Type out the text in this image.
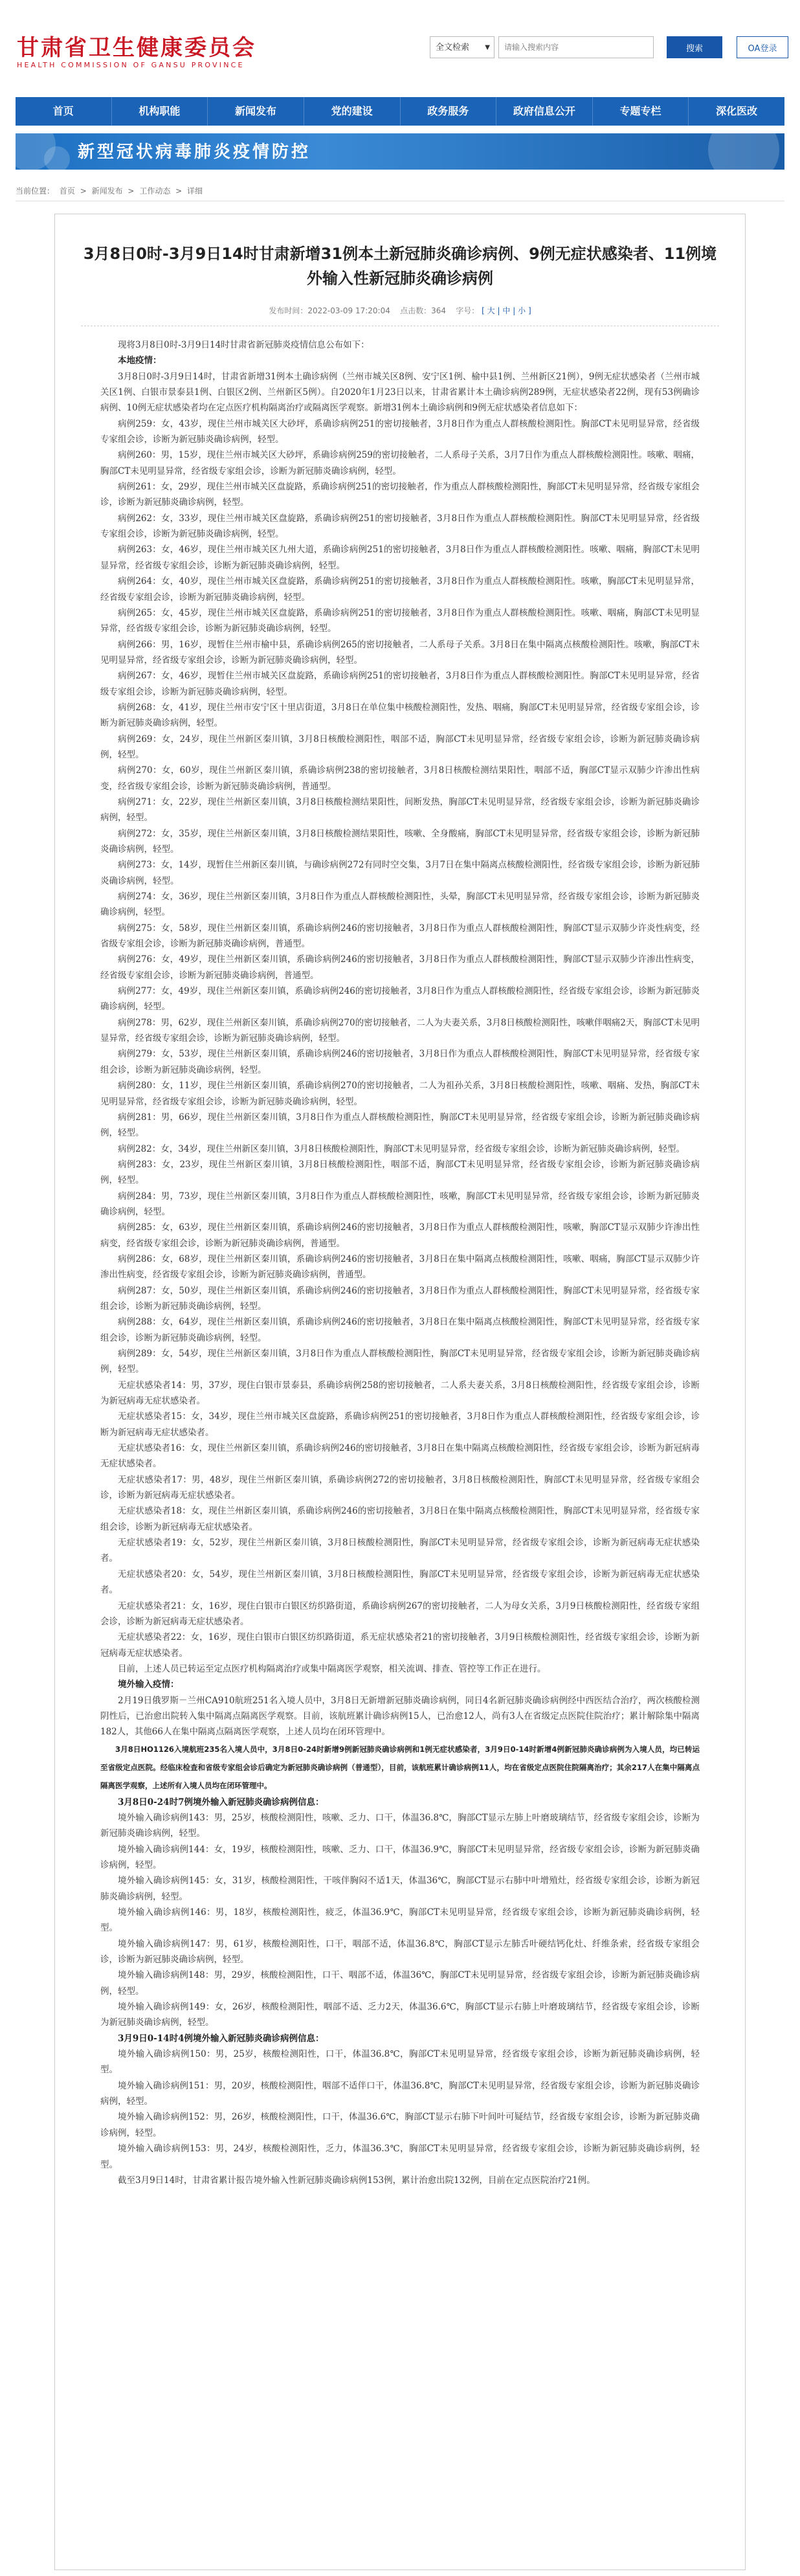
甘肃省卫生健康委员会
HEALTH COMMISSION OF GANSU PROVINCE
全文检索 ▼
请输入搜索内容	搜索	OA登录
首页	机构职能	新闻发布	党的建设	政务服务	政府信息公开	专题专栏	深化医改
新型冠状病毒肺炎疫情防控
当前位置： 首页 > 新闻发布 > 工作动态 > 详细
3月8日0时-3月9日14时甘肃新增31例本土新冠肺炎确诊病例、9例无症状感染者、11例境外输入性新冠肺炎确诊病例
发布时间：2022-03-09 17:20:04 点击数：364 字号： [ 大 | 中 | 小 ]

现将3月8日0时-3月9日14时甘肃省新冠肺炎疫情信息公布如下：

本地疫情：

3月8日0时-3月9日14时，甘肃省新增31例本土确诊病例（兰州市城关区8例、安宁区1例、榆中县1例、兰州新区21例），9例无症状感染者（兰州市城关区1例、白银市景泰县1例、白银区2例、兰州新区5例）。自2020年1月23日以来，甘肃省累计本土确诊病例289例，无症状感染者22例，现有53例确诊病例、10例无症状感染者均在定点医疗机构隔离治疗或隔离医学观察。新增31例本土确诊病例和9例无症状感染者信息如下：

病例259：女，43岁，现住兰州市城关区大砂坪，系确诊病例251的密切接触者，3月8日作为重点人群核酸检测阳性。胸部CT未见明显异常，经省级专家组会诊，诊断为新冠肺炎确诊病例，轻型。

病例260：男，15岁，现住兰州市城关区大砂坪，系确诊病例259的密切接触者，二人系母子关系，3月7日作为重点人群核酸检测阳性。咳嗽、咽痛，胸部CT未见明显异常，经省级专家组会诊，诊断为新冠肺炎确诊病例，轻型。

病例261：女，29岁，现住兰州市城关区盘旋路，系确诊病例251的密切接触者，作为重点人群核酸检测阳性，胸部CT未见明显异常，经省级专家组会诊，诊断为新冠肺炎确诊病例，轻型。

病例262：女，33岁，现住兰州市城关区盘旋路，系确诊病例251的密切接触者，3月8日作为重点人群核酸检测阳性。胸部CT未见明显异常，经省级专家组会诊，诊断为新冠肺炎确诊病例，轻型。

病例263：女，46岁，现住兰州市城关区九州大道，系确诊病例251的密切接触者，3月8日作为重点人群核酸检测阳性。咳嗽、咽痛，胸部CT未见明显异常，经省级专家组会诊，诊断为新冠肺炎确诊病例，轻型。

病例264：女，40岁，现住兰州市城关区盘旋路，系确诊病例251的密切接触者，3月8日作为重点人群核酸检测阳性。咳嗽，胸部CT未见明显异常，经省级专家组会诊，诊断为新冠肺炎确诊病例，轻型。

病例265：女，45岁，现住兰州市城关区盘旋路，系确诊病例251的密切接触者，3月8日作为重点人群核酸检测阳性。咳嗽、咽痛，胸部CT未见明显异常，经省级专家组会诊，诊断为新冠肺炎确诊病例，轻型。

病例266：男，16岁，现暂住兰州市榆中县，系确诊病例265的密切接触者，二人系母子关系。3月8日在集中隔离点核酸检测阳性。咳嗽，胸部CT未见明显异常，经省级专家组会诊，诊断为新冠肺炎确诊病例，轻型。

病例267：女，46岁，现暂住兰州市城关区盘旋路，系确诊病例251的密切接触者，3月8日作为重点人群核酸检测阳性。胸部CT未见明显异常，经省级专家组会诊，诊断为新冠肺炎确诊病例，轻型。

病例268：女，41岁，现住兰州市安宁区十里店街道，3月8日在单位集中核酸检测阳性，发热、咽痛，胸部CT未见明显异常，经省级专家组会诊，诊断为新冠肺炎确诊病例，轻型。

病例269：女，24岁，现住兰州新区秦川镇，3月8日核酸检测阳性，咽部不适，胸部CT未见明显异常，经省级专家组会诊，诊断为新冠肺炎确诊病例，轻型。

病例270：女，60岁，现住兰州新区秦川镇，系确诊病例238的密切接触者，3月8日核酸检测结果阳性，咽部不适，胸部CT显示双肺少许渗出性病变，经省级专家组会诊，诊断为新冠肺炎确诊病例，普通型。

病例271：女，22岁，现住兰州新区秦川镇，3月8日核酸检测结果阳性，间断发热，胸部CT未见明显异常，经省级专家组会诊，诊断为新冠肺炎确诊病例，轻型。

病例272：女，35岁，现住兰州新区秦川镇，3月8日核酸检测结果阳性，咳嗽、全身酸痛，胸部CT未见明显异常，经省级专家组会诊，诊断为新冠肺炎确诊病例，轻型。

病例273：女，14岁，现暂住兰州新区秦川镇，与确诊病例272有同时空交集，3月7日在集中隔离点核酸检测阳性，经省级专家组会诊，诊断为新冠肺炎确诊病例，轻型。

病例274：女，36岁，现住兰州新区秦川镇，3月8日作为重点人群核酸检测阳性，头晕，胸部CT未见明显异常，经省级专家组会诊，诊断为新冠肺炎确诊病例，轻型。

病例275：女，58岁，现住兰州新区秦川镇，系确诊病例246的密切接触者，3月8日作为重点人群核酸检测阳性，胸部CT显示双肺少许炎性病变，经省级专家组会诊，诊断为新冠肺炎确诊病例，普通型。

病例276：女，49岁，现住兰州新区秦川镇，系确诊病例246的密切接触者，3月8日作为重点人群核酸检测阳性，胸部CT显示双肺少许渗出性病变，经省级专家组会诊，诊断为新冠肺炎确诊病例，普通型。

病例277：女，49岁，现住兰州新区秦川镇，系确诊病例246的密切接触者，3月8日作为重点人群核酸检测阳性，经省级专家组会诊，诊断为新冠肺炎确诊病例，轻型。

病例278：男，62岁，现住兰州新区秦川镇，系确诊病例270的密切接触者，二人为夫妻关系，3月8日核酸检测阳性，咳嗽伴咽痛2天，胸部CT未见明显异常，经省级专家组会诊，诊断为新冠肺炎确诊病例，轻型。

病例279：女，53岁，现住兰州新区秦川镇，系确诊病例246的密切接触者，3月8日作为重点人群核酸检测阳性，胸部CT未见明显异常，经省级专家组会诊，诊断为新冠肺炎确诊病例，轻型。

病例280：女，11岁，现住兰州新区秦川镇，系确诊病例270的密切接触者，二人为祖孙关系，3月8日核酸检测阳性，咳嗽、咽痛、发热，胸部CT未见明显异常，经省级专家组会诊，诊断为新冠肺炎确诊病例，轻型。

病例281：男，66岁，现住兰州新区秦川镇，3月8日作为重点人群核酸检测阳性，胸部CT未见明显异常，经省级专家组会诊，诊断为新冠肺炎确诊病例，轻型。

病例282：女，34岁，现住兰州新区秦川镇，3月8日核酸检测阳性，胸部CT未见明显异常，经省级专家组会诊，诊断为新冠肺炎确诊病例，轻型。

病例283：女，23岁，现住兰州新区秦川镇，3月8日核酸检测阳性，咽部不适，胸部CT未见明显异常，经省级专家组会诊，诊断为新冠肺炎确诊病例，轻型。

病例284：男，73岁，现住兰州新区秦川镇，3月8日作为重点人群核酸检测阳性，咳嗽，胸部CT未见明显异常，经省级专家组会诊，诊断为新冠肺炎确诊病例，轻型。

病例285：女，63岁，现住兰州新区秦川镇，系确诊病例246的密切接触者，3月8日作为重点人群核酸检测阳性，咳嗽，胸部CT显示双肺少许渗出性病变，经省级专家组会诊，诊断为新冠肺炎确诊病例，普通型。

病例286：女，68岁，现住兰州新区秦川镇，系确诊病例246的密切接触者，3月8日在集中隔离点核酸检测阳性，咳嗽、咽痛，胸部CT显示双肺少许渗出性病变，经省级专家组会诊，诊断为新冠肺炎确诊病例，普通型。

病例287：女，50岁，现住兰州新区秦川镇，系确诊病例246的密切接触者，3月8日作为重点人群核酸检测阳性，胸部CT未见明显异常，经省级专家组会诊，诊断为新冠肺炎确诊病例，轻型。

病例288：女，64岁，现住兰州新区秦川镇，系确诊病例246的密切接触者，3月8日在集中隔离点核酸检测阳性，胸部CT未见明显异常，经省级专家组会诊，诊断为新冠肺炎确诊病例，轻型。

病例289：女，54岁，现住兰州新区秦川镇，3月8日作为重点人群核酸检测阳性，胸部CT未见明显异常，经省级专家组会诊，诊断为新冠肺炎确诊病例，轻型。

无症状感染者14：男，37岁，现住白银市景泰县，系确诊病例258的密切接触者，二人系夫妻关系，3月8日核酸检测阳性，经省级专家组会诊，诊断为新冠病毒无症状感染者。

无症状感染者15：女，34岁，现住兰州市城关区盘旋路，系确诊病例251的密切接触者，3月8日作为重点人群核酸检测阳性，经省级专家组会诊，诊断为新冠病毒无症状感染者。

无症状感染者16：女，现住兰州新区秦川镇，系确诊病例246的密切接触者，3月8日在集中隔离点核酸检测阳性，经省级专家组会诊，诊断为新冠病毒无症状感染者。

无症状感染者17：男，48岁，现住兰州新区秦川镇，系确诊病例272的密切接触者，3月8日核酸检测阳性，胸部CT未见明显异常，经省级专家组会诊，诊断为新冠病毒无症状感染者。

无症状感染者18：女，现住兰州新区秦川镇，系确诊病例246的密切接触者，3月8日在集中隔离点核酸检测阳性，胸部CT未见明显异常，经省级专家组会诊，诊断为新冠病毒无症状感染者。

无症状感染者19：女，52岁，现住兰州新区秦川镇，3月8日核酸检测阳性，胸部CT未见明显异常，经省级专家组会诊，诊断为新冠病毒无症状感染者。

无症状感染者20：女，54岁，现住兰州新区秦川镇，3月8日核酸检测阳性，胸部CT未见明显异常，经省级专家组会诊，诊断为新冠病毒无症状感染者。

无症状感染者21：女，16岁，现住白银市白银区纺织路街道，系确诊病例267的密切接触者，二人为母女关系，3月9日核酸检测阳性，经省级专家组会诊，诊断为新冠病毒无症状感染者。

无症状感染者22：女，16岁，现住白银市白银区纺织路街道，系无症状感染者21的密切接触者，3月9日核酸检测阳性，经省级专家组会诊，诊断为新冠病毒无症状感染者。

目前，上述人员已转运至定点医疗机构隔离治疗或集中隔离医学观察，相关流调、排查、管控等工作正在进行。

境外输入疫情：

2月19日俄罗斯－兰州CA910航班251名入境人员中，3月8日无新增新冠肺炎确诊病例，同日4名新冠肺炎确诊病例经中西医结合治疗，两次核酸检测阴性后，已治愈出院转入集中隔离点隔离医学观察。目前，该航班累计确诊病例15人，已治愈12人，尚有3人在省级定点医院住院治疗；累计解除集中隔离182人，其他66人在集中隔离点隔离医学观察，上述人员均在闭环管理中。

3月8日HO1126入境航班235名入境人员中，3月8日0-24时新增9例新冠肺炎确诊病例和1例无症状感染者，3月9日0-14时新增4例新冠肺炎确诊病例为入境人员，均已转运至省级定点医院。经临床检查和省级专家组会诊后确定为新冠肺炎确诊病例（普通型），目前，该航班累计确诊病例11人，均在省级定点医院住院隔离治疗；其余217人在集中隔离点隔离医学观察，上述所有入境人员均在闭环管理中。

3月8日0-24时7例境外输入新冠肺炎确诊病例信息：

境外输入确诊病例143：男，25岁，核酸检测阳性，咳嗽、乏力、口干，体温36.8℃，胸部CT显示左肺上叶磨玻璃结节，经省级专家组会诊，诊断为新冠肺炎确诊病例，轻型。

境外输入确诊病例144：女，19岁，核酸检测阳性，咳嗽、乏力、口干，体温36.9℃，胸部CT未见明显异常，经省级专家组会诊，诊断为新冠肺炎确诊病例，轻型。

境外输入确诊病例145：女，31岁，核酸检测阳性，干咳伴胸闷不适1天，体温36℃，胸部CT显示右肺中叶增殖灶，经省级专家组会诊，诊断为新冠肺炎确诊病例，轻型。

境外输入确诊病例146：男，18岁，核酸检测阳性，疲乏，体温36.9℃，胸部CT未见明显异常，经省级专家组会诊，诊断为新冠肺炎确诊病例，轻型。

境外输入确诊病例147：男，61岁，核酸检测阳性，口干，咽部不适，体温36.8℃，胸部CT显示左肺舌叶硬结钙化灶、纤维条索，经省级专家组会诊，诊断为新冠肺炎确诊病例，轻型。

境外输入确诊病例148：男，29岁，核酸检测阳性，口干、咽部不适，体温36℃，胸部CT未见明显异常，经省级专家组会诊，诊断为新冠肺炎确诊病例，轻型。

境外输入确诊病例149：女，26岁，核酸检测阳性，咽部不适、乏力2天，体温36.6℃，胸部CT显示右肺上叶磨玻璃结节，经省级专家组会诊，诊断为新冠肺炎确诊病例，轻型。

3月9日0-14时4例境外输入新冠肺炎确诊病例信息：

境外输入确诊病例150：男，25岁，核酸检测阳性，口干，体温36.8℃，胸部CT未见明显异常，经省级专家组会诊，诊断为新冠肺炎确诊病例，轻型。

境外输入确诊病例151：男，20岁，核酸检测阳性，咽部不适伴口干，体温36.8℃，胸部CT未见明显异常，经省级专家组会诊，诊断为新冠肺炎确诊病例，轻型。

境外输入确诊病例152：男，26岁，核酸检测阳性，口干，体温36.6℃，胸部CT显示右肺下叶间叶可疑结节，经省级专家组会诊，诊断为新冠肺炎确诊病例，轻型。

境外输入确诊病例153：男，24岁，核酸检测阳性，乏力，体温36.3℃，胸部CT未见明显异常，经省级专家组会诊，诊断为新冠肺炎确诊病例，轻型。

截至3月9日14时，甘肃省累计报告境外输入性新冠肺炎确诊病例153例，累计治愈出院132例，目前在定点医院治疗21例。
